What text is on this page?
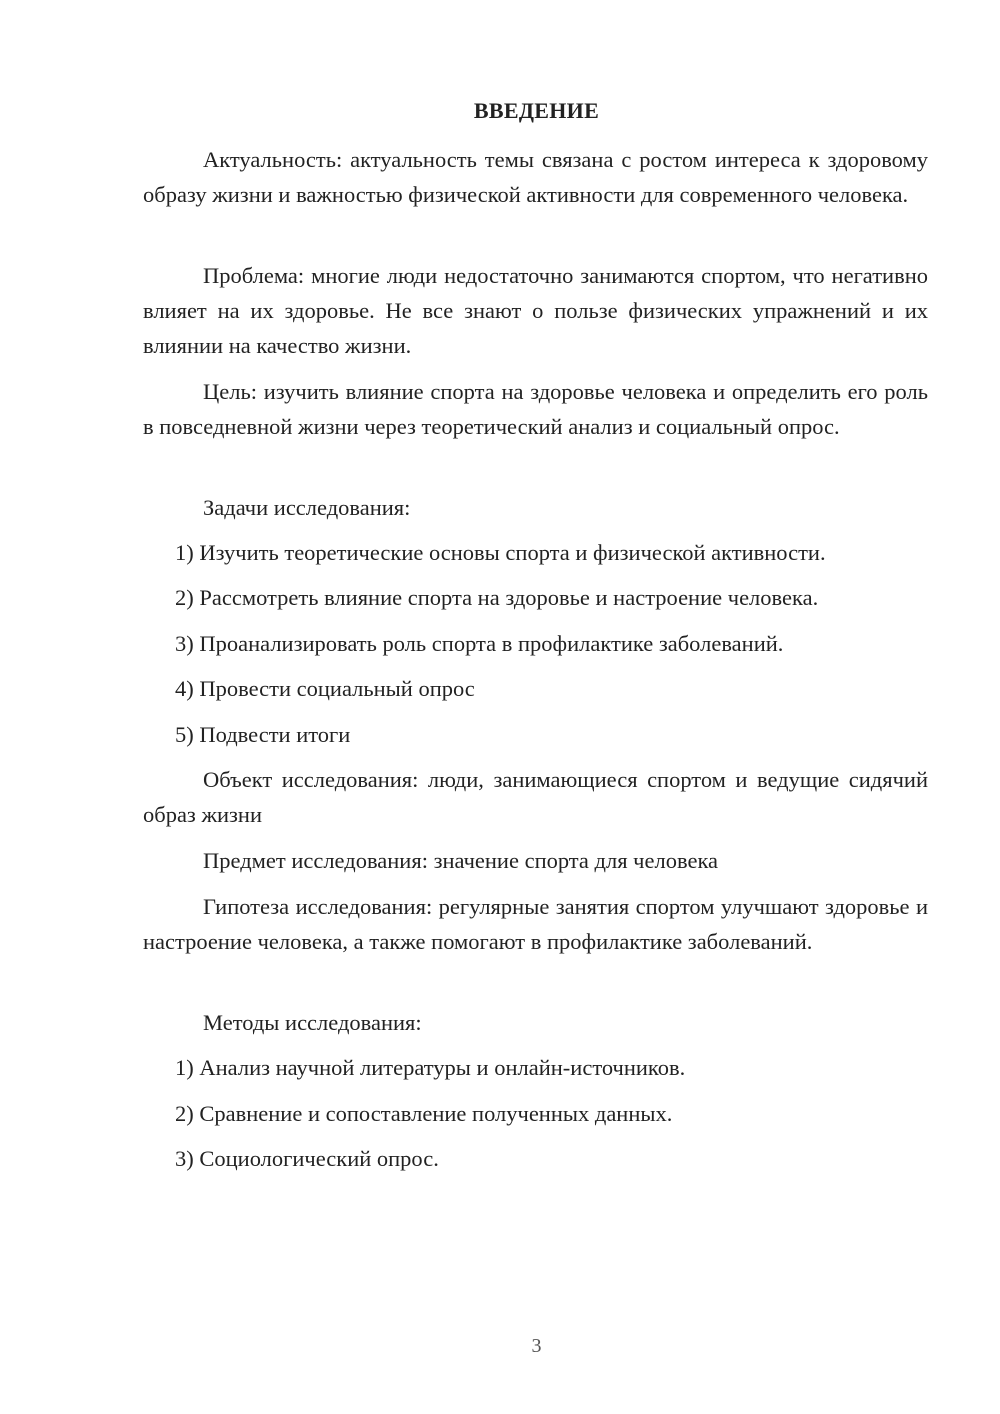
ВВЕДЕНИЕ

Актуальность: актуальность темы связана с ростом интереса к здоровому образу жизни и важностью физической активности для современного человека.

Проблема: многие люди недостаточно занимаются спортом, что негативно влияет на их здоровье. Не все знают о пользе физических упражнений и их влиянии на качество жизни.

Цель: изучить влияние спорта на здоровье человека и определить его роль в повседневной жизни через теоретический анализ и социальный опрос.

Задачи исследования:

1) Изучить теоретические основы спорта и физической активности.

2) Рассмотреть влияние спорта на здоровье и настроение человека.

3) Проанализировать роль спорта в профилактике заболеваний.

4) Провести социальный опрос

5) Подвести итоги

Объект исследования: люди, занимающиеся спортом и ведущие сидячий образ жизни

Предмет исследования: значение спорта для человека

Гипотеза исследования: регулярные занятия спортом улучшают здоровье и настроение человека, а также помогают в профилактике заболеваний.

Методы исследования:

1) Анализ научной литературы и онлайн-источников.

2) Сравнение и сопоставление полученных данных.

3) Социологический опрос.

3
